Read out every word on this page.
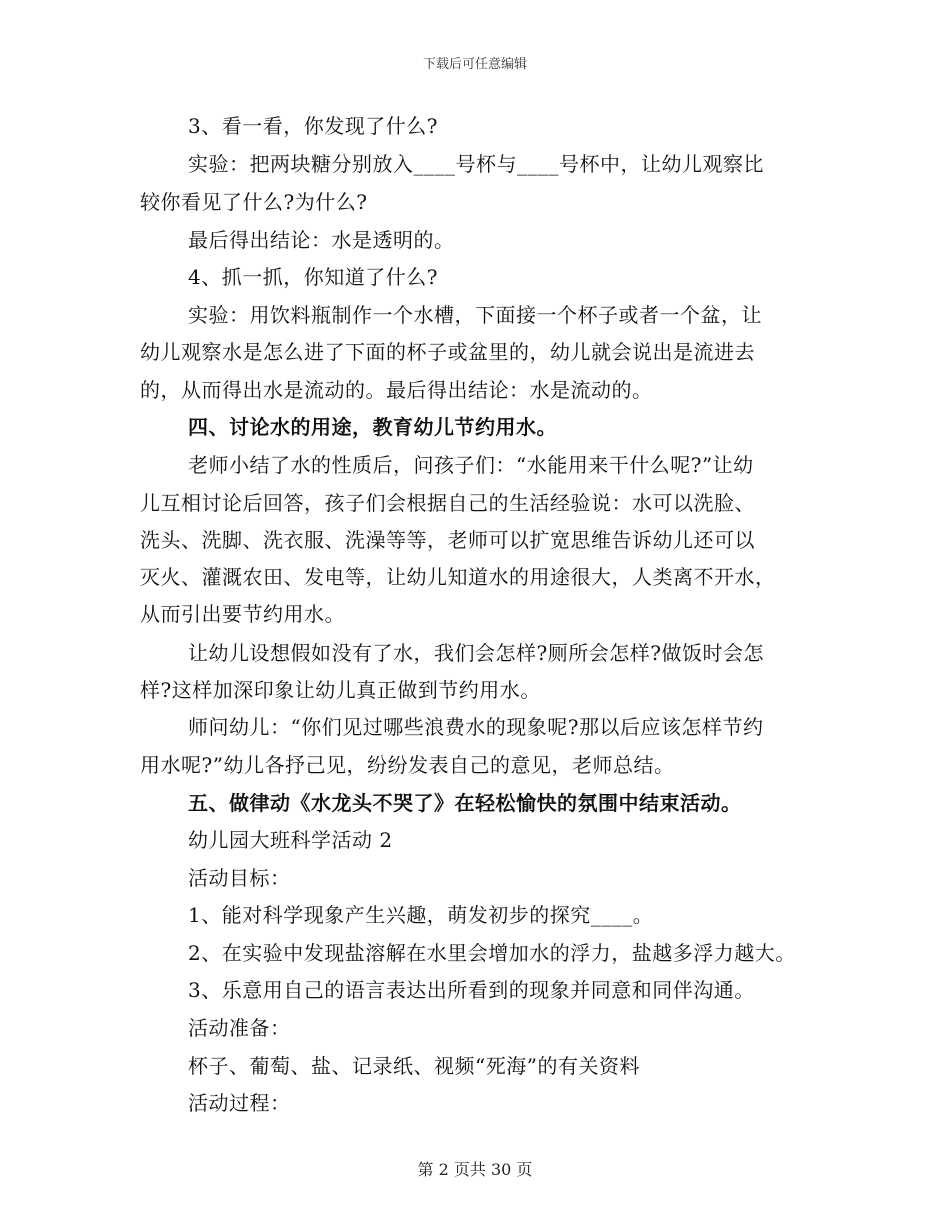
下载后可任意编辑
3、看一看，你发现了什么?
实验：把两块糖分别放入____号杯与____号杯中，让幼儿观察比
较你看见了什么?为什么?
最后得出结论：水是透明的。
4、抓一抓，你知道了什么?
实验：用饮料瓶制作一个水槽，下面接一个杯子或者一个盆，让
幼儿观察水是怎么进了下面的杯子或盆里的，幼儿就会说出是流进去
的，从而得出水是流动的。最后得出结论：水是流动的。
四、讨论水的用途，教育幼儿节约用水。
老师小结了水的性质后，问孩子们：“水能用来干什么呢?”让幼
儿互相讨论后回答，孩子们会根据自己的生活经验说：水可以洗脸、
洗头、洗脚、洗衣服、洗澡等等，老师可以扩宽思维告诉幼儿还可以
灭火、灌溉农田、发电等，让幼儿知道水的用途很大，人类离不开水，
从而引出要节约用水。
让幼儿设想假如没有了水，我们会怎样?厕所会怎样?做饭时会怎
样?这样加深印象让幼儿真正做到节约用水。
师问幼儿：“你们见过哪些浪费水的现象呢?那以后应该怎样节约
用水呢?”幼儿各抒己见，纷纷发表自己的意见，老师总结。
五、做律动《水龙头不哭了》在轻松愉快的氛围中结束活动。
幼儿园大班科学活动 2
活动目标：
1、能对科学现象产生兴趣，萌发初步的探究____。
2、在实验中发现盐溶解在水里会增加水的浮力，盐越多浮力越大。
3、乐意用自己的语言表达出所看到的现象并同意和同伴沟通。
活动准备：
杯子、葡萄、盐、记录纸、视频“死海”的有关资料
活动过程：
第 2 页共 30 页
